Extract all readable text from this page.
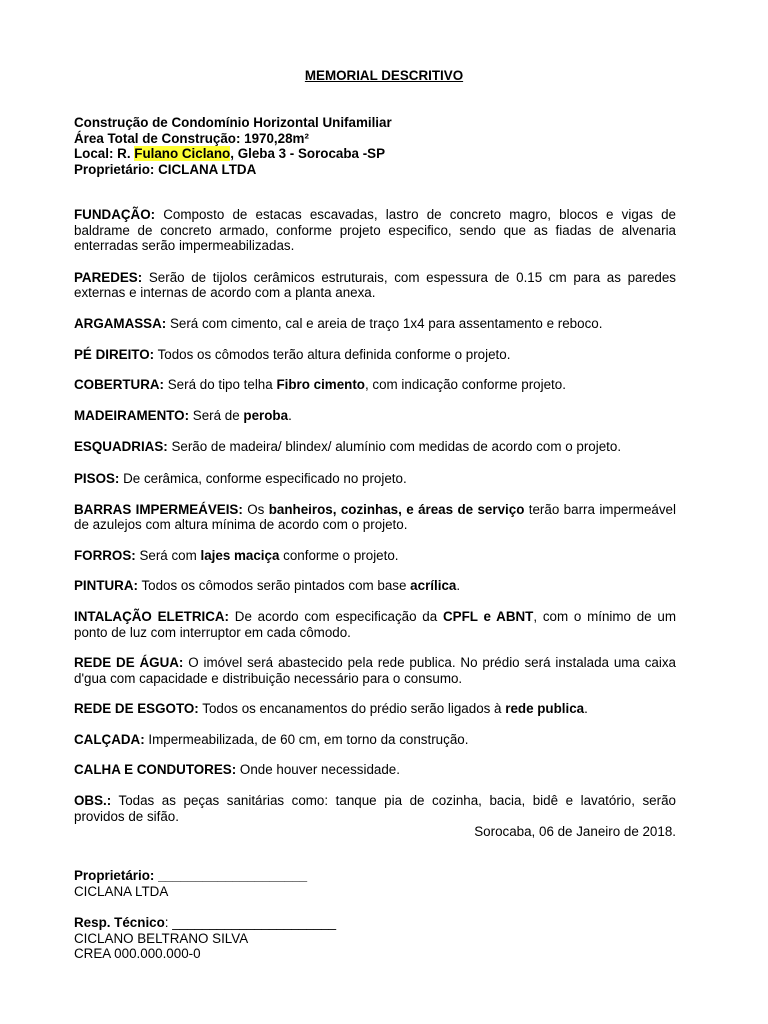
MEMORIAL DESCRITIVO
Construção de Condomínio Horizontal Unifamiliar
Área Total de Construção: 1970,28m²
Local: R. Fulano Ciclano, Gleba 3 - Sorocaba -SP
Proprietário: CICLANA LTDA

FUNDAÇÃO: Composto de estacas escavadas, lastro de concreto magro, blocos e vigas de baldrame de concreto armado, conforme projeto especifico, sendo que as fiadas de alvenaria enterradas serão impermeabilizadas.

PAREDES: Serão de tijolos cerâmicos estruturais, com espessura de 0.15 cm para as paredes externas e internas de acordo com a planta anexa.

ARGAMASSA: Será com cimento, cal e areia de traço 1x4 para assentamento e reboco.

PÉ DIREITO: Todos os cômodos terão altura definida conforme o projeto.

COBERTURA: Será do tipo telha Fibro cimento, com indicação conforme projeto.

MADEIRAMENTO: Será de peroba.

ESQUADRIAS: Serão de madeira/ blindex/ alumínio com medidas de acordo com o projeto.

PISOS: De cerâmica, conforme especificado no projeto.

BARRAS IMPERMEÁVEIS: Os banheiros, cozinhas, e áreas de serviço terão barra impermeável de azulejos com altura mínima de acordo com o projeto.

FORROS: Será com lajes maciça conforme o projeto.

PINTURA: Todos os cômodos serão pintados com base acrílica.

INTALAÇÃO ELETRICA: De acordo com especificação da CPFL e ABNT, com o mínimo de um ponto de luz com interruptor em cada cômodo.

REDE DE ÁGUA: O imóvel será abastecido pela rede publica. No prédio será instalada uma caixa d'gua com capacidade e distribuição necessário para o consumo.

REDE DE ESGOTO: Todos os encanamentos do prédio serão ligados à rede publica.

CALÇADA: Impermeabilizada, de 60 cm, em torno da construção.

CALHA E CONDUTORES: Onde houver necessidade.

OBS.: Todas as peças sanitárias como: tanque pia de cozinha, bacia, bidê e lavatório, serão providos de sifão.

Sorocaba, 06 de Janeiro de 2018.
Proprietário: ____________________
CICLANA LTDA
Resp. Técnico: ______________________
CICLANO BELTRANO SILVA
CREA 000.000.000-0
